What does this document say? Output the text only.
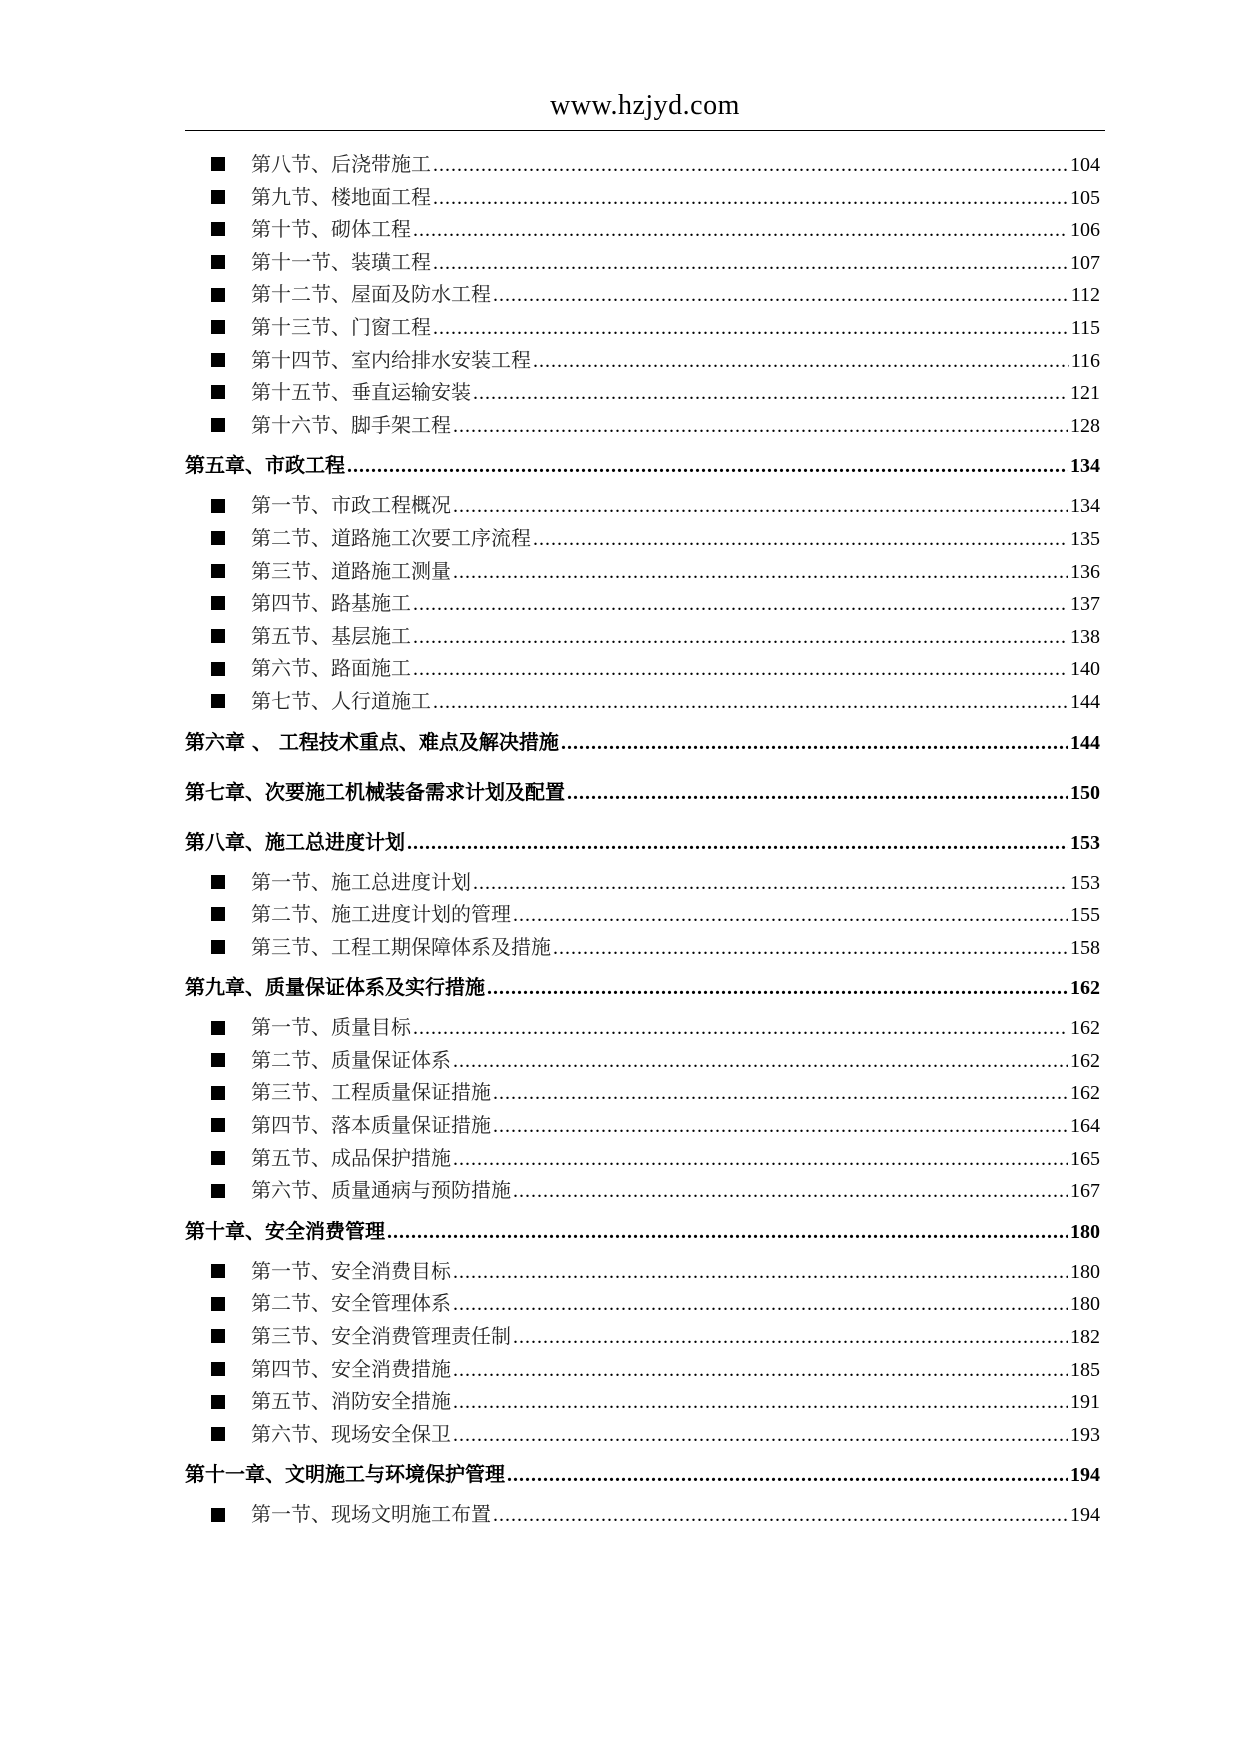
www.hzjyd.com
第八节、后浇带施工 .....	104
第九节、楼地面工程 .....	105
第十节、砌体工程 .....	106
第十一节、装璜工程 .....	107
第十二节、屋面及防水工程 .....	112
第十三节、门窗工程 .....	115
第十四节、室内给排水安装工程 .....	116
第十五节、垂直运输安装 .....	121
第十六节、脚手架工程 .....	128
第五章、市政工程 .....	134
第一节、市政工程概况 .....	134
第二节、道路施工次要工序流程 .....	135
第三节、道路施工测量 .....	136
第四节、路基施工 .....	137
第五节、基层施工 .....	138
第六节、路面施工 .....	140
第七节、人行道施工 .....	144
第六章 、 工程技术重点、难点及解决措施 .....	144
第七章、次要施工机械装备需求计划及配置 .....	150
第八章、施工总进度计划 .....	153
第一节、施工总进度计划 .....	153
第二节、施工进度计划的管理 .....	155
第三节、工程工期保障体系及措施 .....	158
第九章、质量保证体系及实行措施 .....	162
第一节、质量目标 .....	162
第二节、质量保证体系 .....	162
第三节、工程质量保证措施 .....	162
第四节、落本质量保证措施 .....	164
第五节、成品保护措施 .....	165
第六节、质量通病与预防措施 .....	167
第十章、安全消费管理 .....	180
第一节、安全消费目标 .....	180
第二节、安全管理体系 .....	180
第三节、安全消费管理责任制 .....	182
第四节、安全消费措施 .....	185
第五节、消防安全措施 .....	191
第六节、现场安全保卫 .....	193
第十一章、文明施工与环境保护管理 .....	194
第一节、现场文明施工布置 .....	194
